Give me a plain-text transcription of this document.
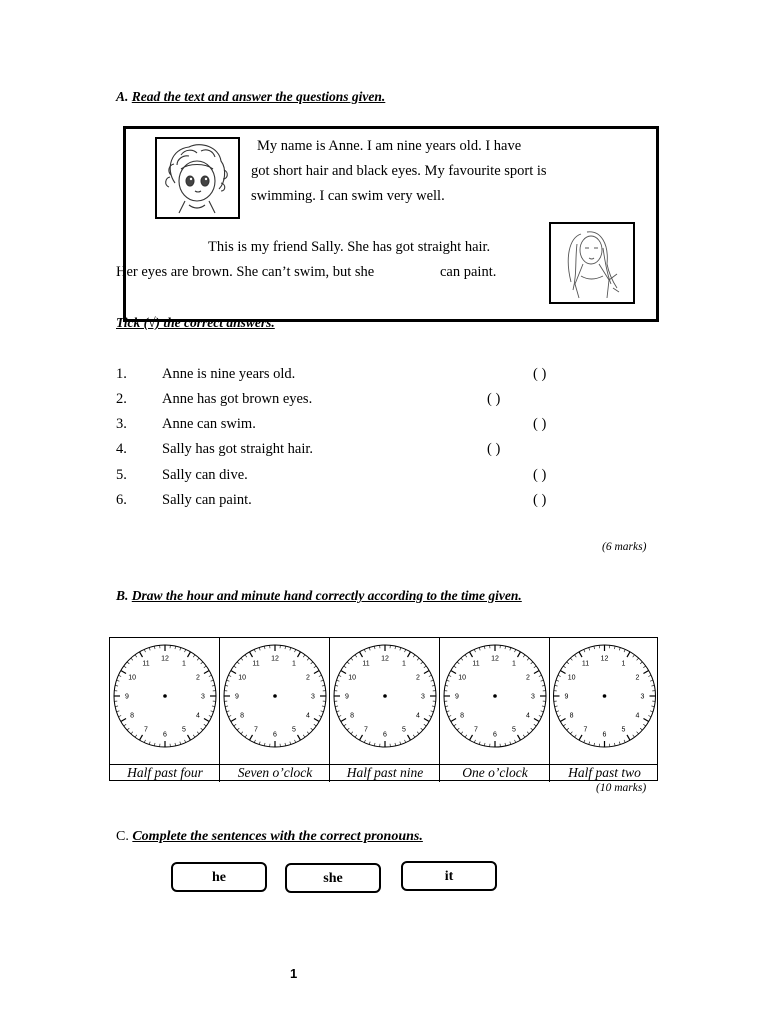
A. Read the text and answer the questions given.
Tick (√) the correct answers.
My name is Anne. I am nine years old. I have
got short hair and black eyes. My favourite sport is
swimming. I can swim very well.
This is my friend Sally. She has got straight hair.
Her eyes are brown. She can’t swim, but she	can paint.
1. Anne is nine years old.	( )
2. Anne has got brown eyes.	( )
3. Anne can swim.	( )
4. Sally has got straight hair.	( )
5. Sally can dive.	( )
6. Sally can paint.	( )
(6 marks)
B. Draw the hour and minute hand correctly according to the time given.
12
1
2
3
4
5
6
7
8
9
10
11
Half past four
12
1
2
3
4
5
6
7
8
9
10
11
Seven o’clock
12
1
2
3
4
5
6
7
8
9
10
11
Half past nine
12
1
2
3
4
5
6
7
8
9
10
11
One o’clock
12
1
2
3
4
5
6
7
8
9
10
11
Half past two
(10 marks)
C. Complete the sentences with the correct pronouns.
he	she	it
1
